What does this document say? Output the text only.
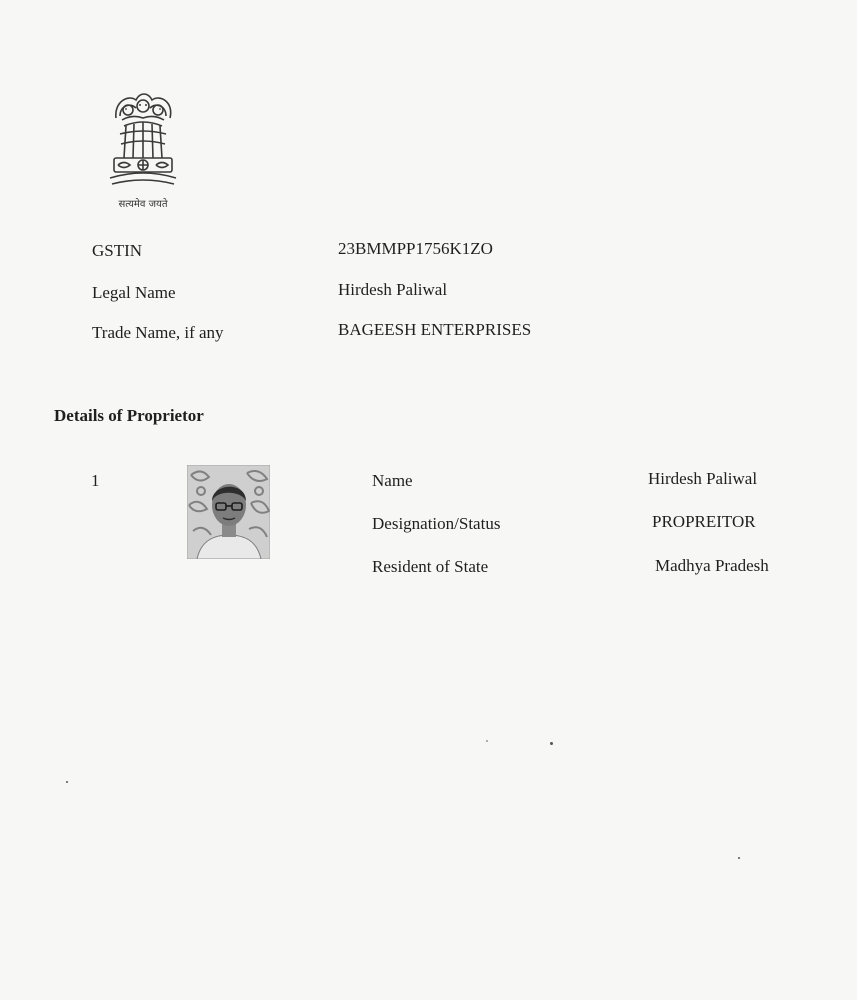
सत्यमेव जयते
GSTIN	23BMMPP1756K1ZO
Legal Name	Hirdesh Paliwal
Trade Name, if any	BAGEESH ENTERPRISES
Details of Proprietor
1	Name	Hirdesh Paliwal
Designation/Status	PROPREITOR
Resident of State	Madhya Pradesh
